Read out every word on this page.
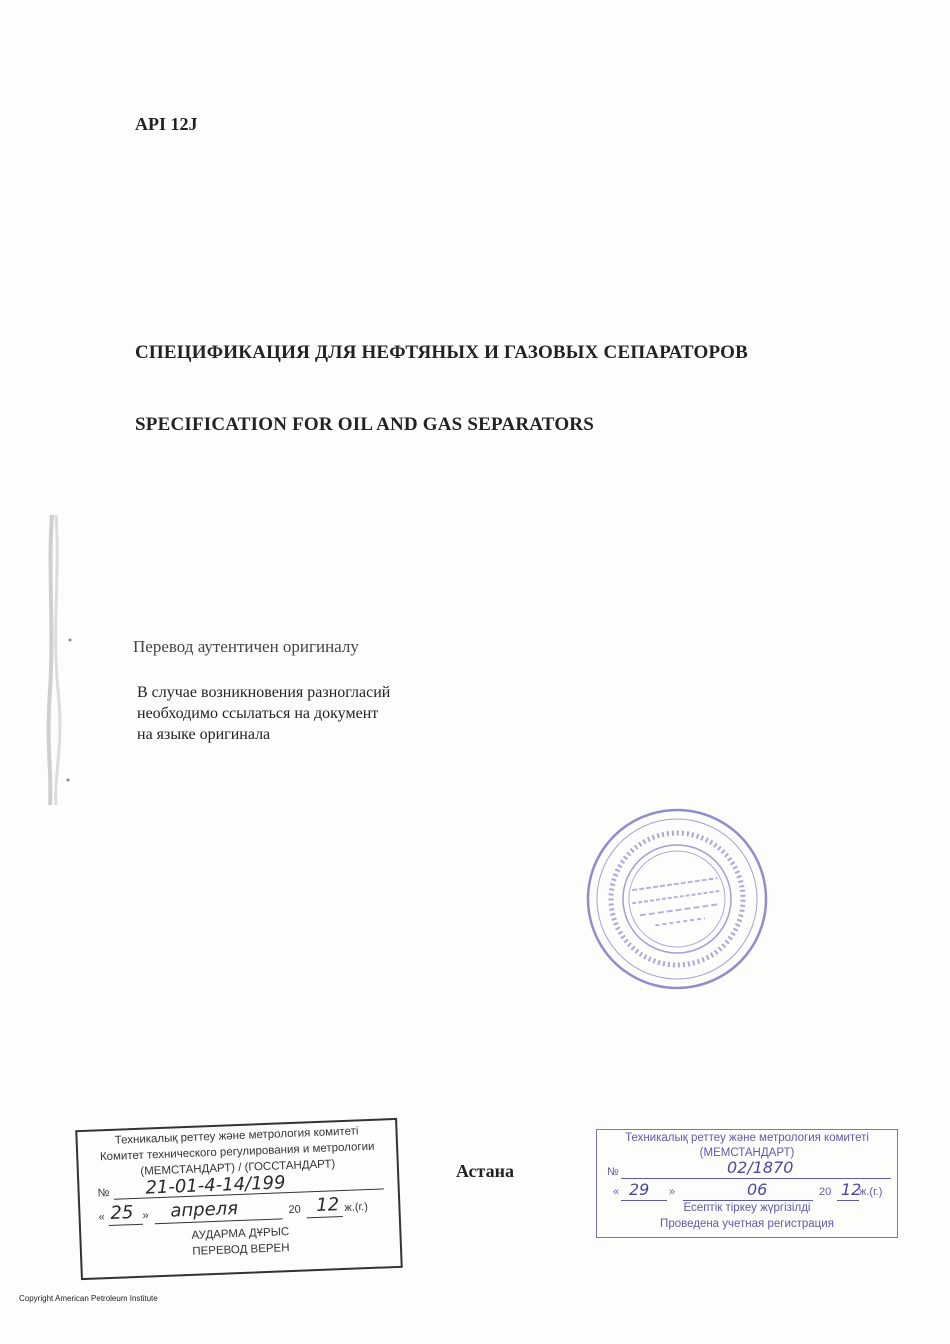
API 12J
СПЕЦИФИКАЦИЯ ДЛЯ НЕФТЯНЫХ И ГАЗОВЫХ СЕПАРАТОРОВ
SPECIFICATION FOR OIL AND GAS SEPARATORS
Перевод аутентичен оригиналу
В случае возникновения разногласий
необходимо ссылаться на документ
на языке оригинала
Астана
Техникалық реттеу және метрология комитеті
Комитет технического регулирования и метрологии
(МЕМСТАНДАРТ) / (ГОССТАНДАРТ)
№ 21-01-4-14/199
« 25 » апреля	20 12 ж.(г.)
АУДАРМА ДҰРЫС
ПЕРЕВОД ВЕРЕН
Техникалық реттеу және метрология комитеті
(МЕМСТАНДАРТ)
№	02/1870
« 29 »	06	20 12
ж.(г.)
Есептік тіркеу жүргізілді
Проведена учетная регистрация
Copyright American Petroleum Institute
